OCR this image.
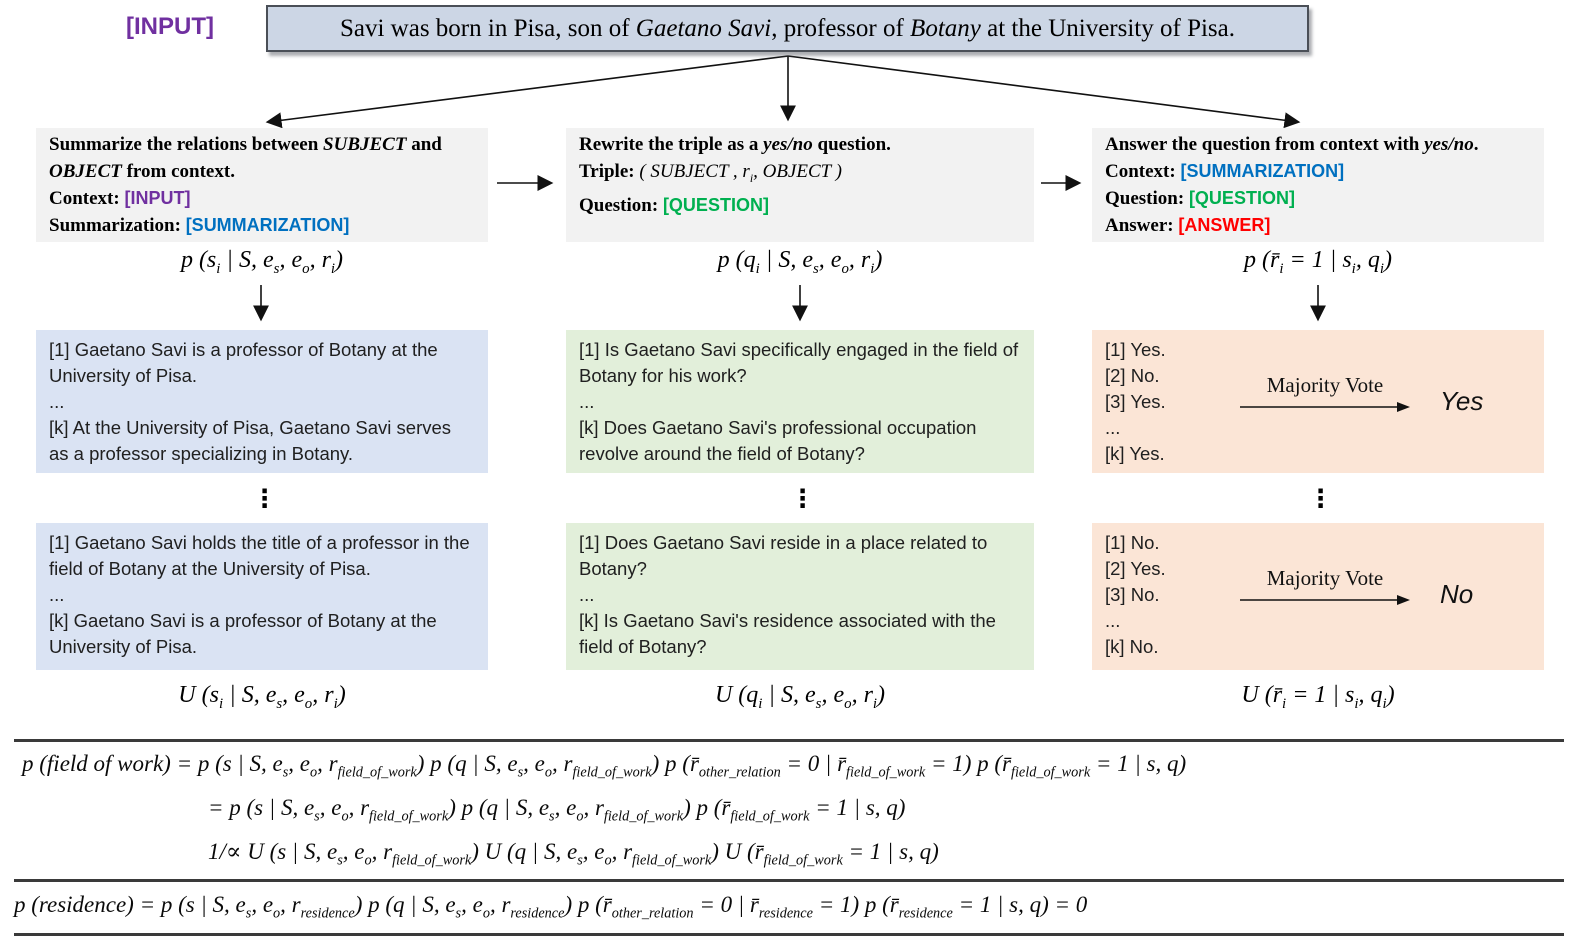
[INPUT]	Savi was born in Pisa, son of Gaetano Savi, professor of Botany at the University of Pisa.
Summarize the relations between SUBJECT and OBJECT from context.
Context: [INPUT]
Summarization: [SUMMARIZATION]
Rewrite the triple as a yes/no question.
Triple: ( SUBJECT , $r_i$, OBJECT )
Question: [QUESTION]
Answer the question from context with yes/no.
Context: [SUMMARIZATION]
Question: [QUESTION]
Answer: [ANSWER]
p ($s_i$ | S, $e_s$, $e_o$, $r_i$)	p ($q_i$ | S, $e_s$, $e_o$, $r_i$)	p ($r̄_i = 1$ | $s_i$, $q_i$)
[1] Gaetano Savi is a professor of Botany at the University of Pisa.
...
[k] At the University of Pisa, Gaetano Savi serves as a professor specializing in Botany.
[1] Is Gaetano Savi specifically engaged in the field of Botany for his work?
...
[k] Does Gaetano Savi's professional occupation revolve around the field of Botany?
[1] Yes.
[2] No.
[3] Yes.
...
[k] Yes.
Majority Vote
Yes
⋮	⋮	⋮
[1] Gaetano Savi holds the title of a professor in the field of Botany at the University of Pisa.
...
[k] Gaetano Savi is a professor of Botany at the University of Pisa.
[1] Does Gaetano Savi reside in a place related to Botany?
...
[k] Is Gaetano Savi's residence associated with the field of Botany?
[1] No.
[2] Yes.
[3] No.
...
[k] No.
Majority Vote
No
U ($s_i$ | S, $e_s$, $e_o$, $r_i$)	U ($q_i$ | S, $e_s$, $e_o$, $r_i$)	U ($r̄_i = 1$ | $s_i$, $q_i$)
p (field of work) = p (s | S, $e_s$, $e_o$, $r_{field\_of\_work}$) p (q | S, $e_s$, $e_o$, $r_{field\_of\_work}$) p ($r̄_{other\_relation} = 0$ | $r̄_{field\_of\_work} = 1$) p ($r̄_{field\_of\_work} = 1$ | s, q)
= p (s | S, $e_s$, $e_o$, $r_{field\_of\_work}$) p (q | S, $e_s$, $e_o$, $r_{field\_of\_work}$) p ($r̄_{field\_of\_work} = 1$ | s, q)
1/∝ U (s | S, $e_s$, $e_o$, $r_{field\_of\_work}$) U (q | S, $e_s$, $e_o$, $r_{field\_of\_work}$) U ($r̄_{field\_of\_work} = 1$ | s, q)
p (residence) = p (s | S, $e_s$, $e_o$, $r_{residence}$) p (q | S, $e_s$, $e_o$, $r_{residence}$) p ($r̄_{other\_relation} = 0$ | $r̄_{residence} = 1$) p ($r̄_{residence} = 1$ | s, q) = 0
